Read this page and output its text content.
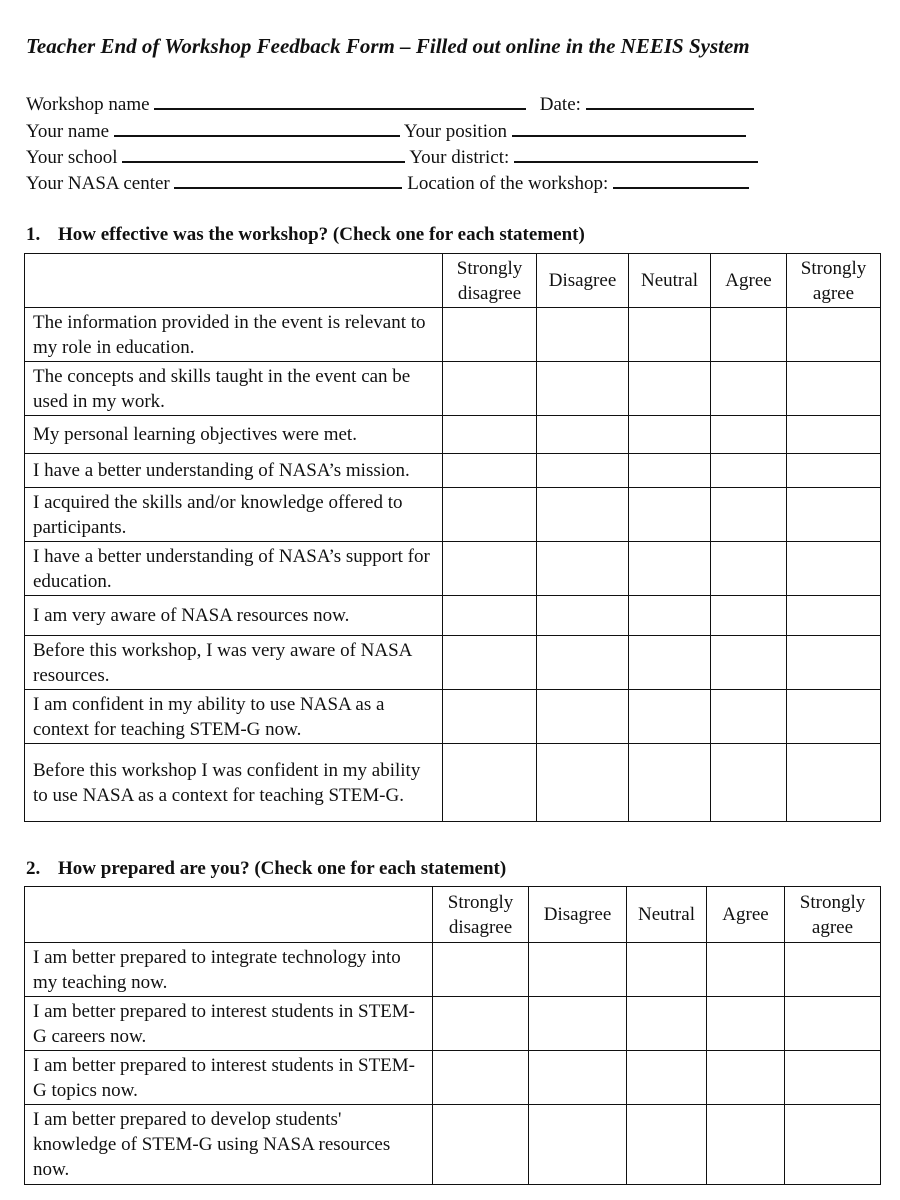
Teacher End of Workshop Feedback Form – Filled out online in the NEEIS System
Workshop name	Date:
Your name	Your position
Your school	Your district:
Your NASA center	Location of the workshop:
1. How effective was the workshop? (Check one for each statement)
	Strongly disagree	Disagree	Neutral	Agree	Strongly agree
The information provided in the event is relevant to my role in education.					
The concepts and skills taught in the event can be used in my work.					
My personal learning objectives were met.					
I have a better understanding of NASA’s mission.					
I acquired the skills and/or knowledge offered to participants.					
I have a better understanding of NASA’s support for education.					
I am very aware of NASA resources now.					
Before this workshop, I was very aware of NASA resources.					
I am confident in my ability to use NASA as a context for teaching STEM-G now.					
Before this workshop I was confident in my ability to use NASA as a context for teaching STEM-G.					
2. How prepared are you? (Check one for each statement)
	Strongly disagree	Disagree	Neutral	Agree	Strongly agree
I am better prepared to integrate technology into my teaching now.					
I am better prepared to interest students in STEM-G careers now.					
I am better prepared to interest students in STEM-G topics now.					
I am better prepared to develop students' knowledge of STEM-G using NASA resources now.					
